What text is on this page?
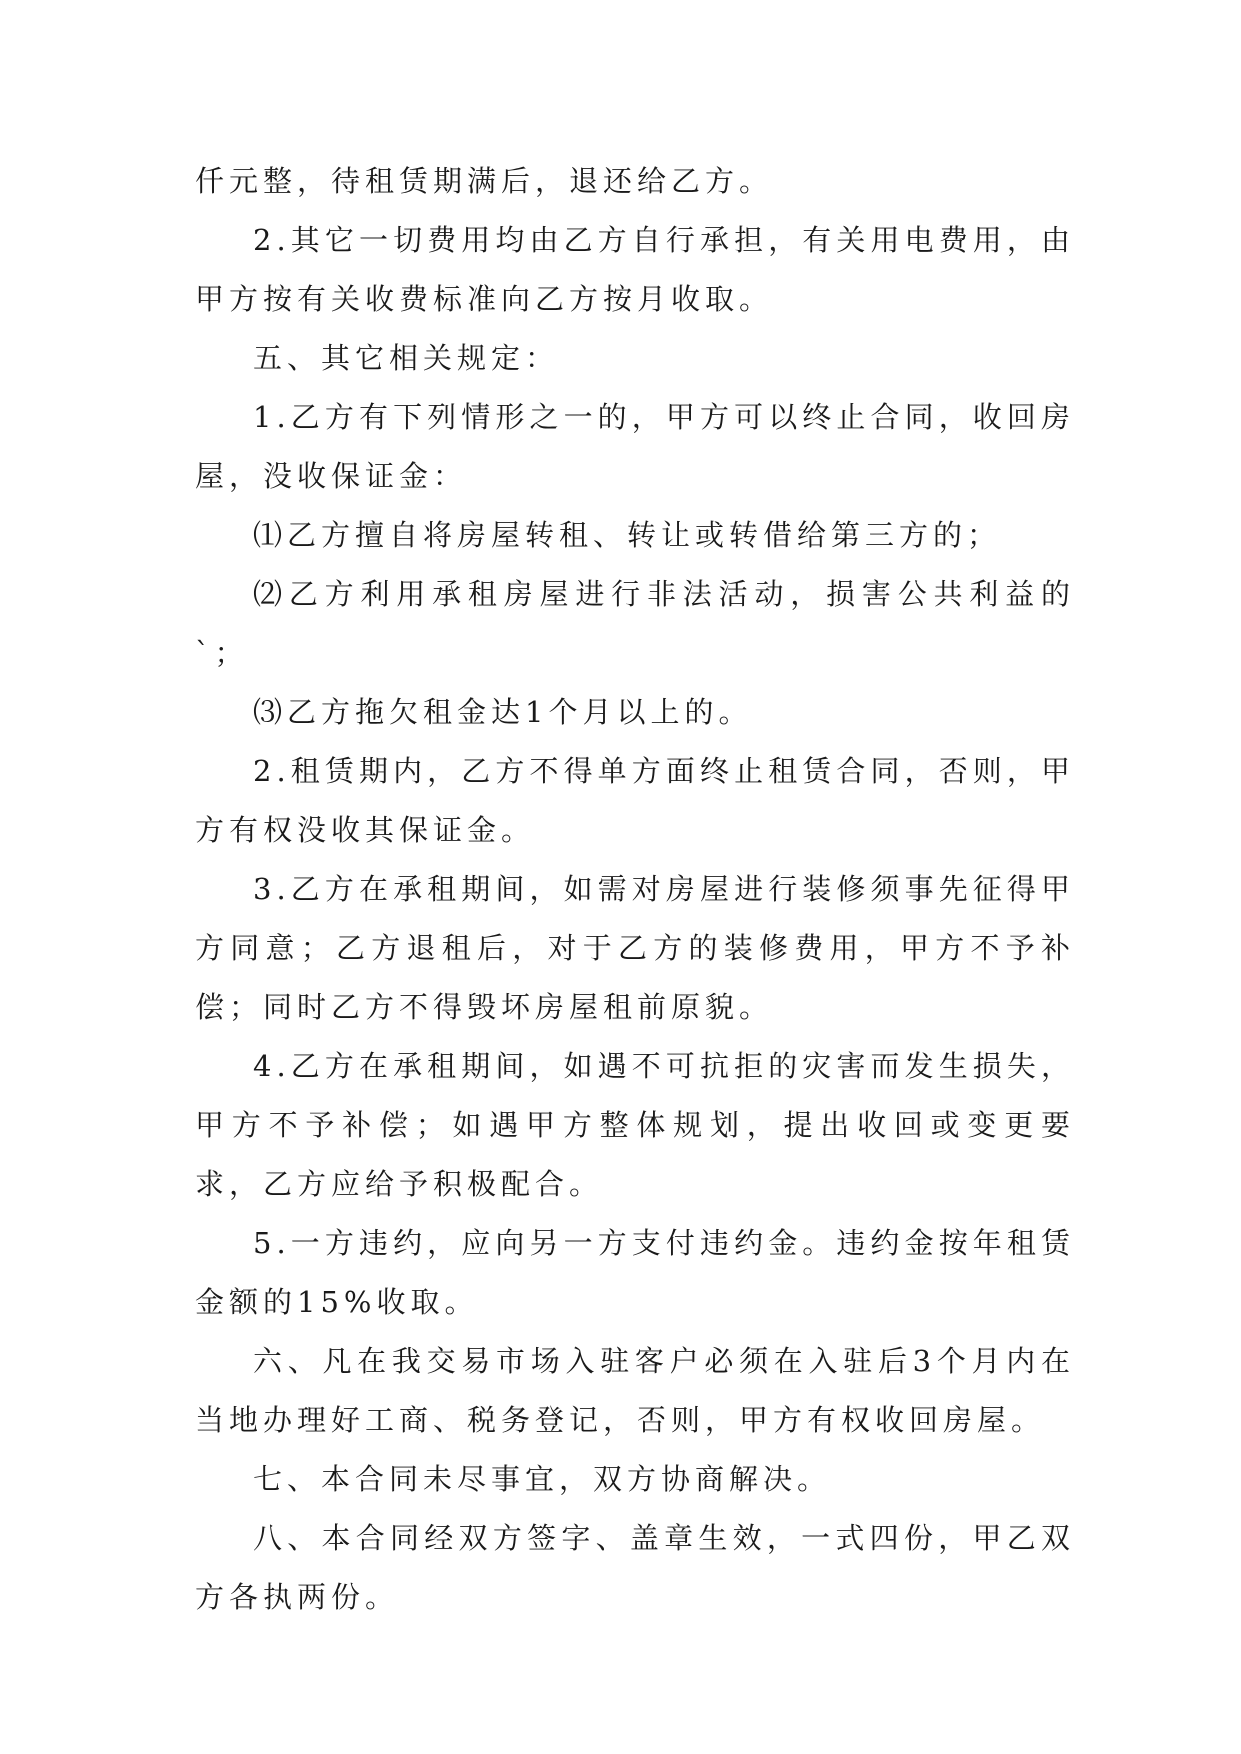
仟元整，待租赁期满后，退还给乙方。

2.其它一切费用均由乙方自行承担，有关用电费用，由甲方按有关收费标准向乙方按月收取。

五、其它相关规定：

1.乙方有下列情形之一的，甲方可以终止合同，收回房屋，没收保证金：

⑴乙方擅自将房屋转租、转让或转借给第三方的；

⑵乙方利用承租房屋进行非法活动，损害公共利益的`；

⑶乙方拖欠租金达1个月以上的。

2.租赁期内，乙方不得单方面终止租赁合同，否则，甲方有权没收其保证金。

3.乙方在承租期间，如需对房屋进行装修须事先征得甲方同意；乙方退租后，对于乙方的装修费用，甲方不予补偿；同时乙方不得毁坏房屋租前原貌。

4.乙方在承租期间，如遇不可抗拒的灾害而发生损失，甲方不予补偿；如遇甲方整体规划，提出收回或变更要求，乙方应给予积极配合。

5.一方违约，应向另一方支付违约金。违约金按年租赁金额的15%收取。

六、凡在我交易市场入驻客户必须在入驻后3个月内在当地办理好工商、税务登记，否则，甲方有权收回房屋。

七、本合同未尽事宜，双方协商解决。

八、本合同经双方签字、盖章生效，一式四份，甲乙双方各执两份。
